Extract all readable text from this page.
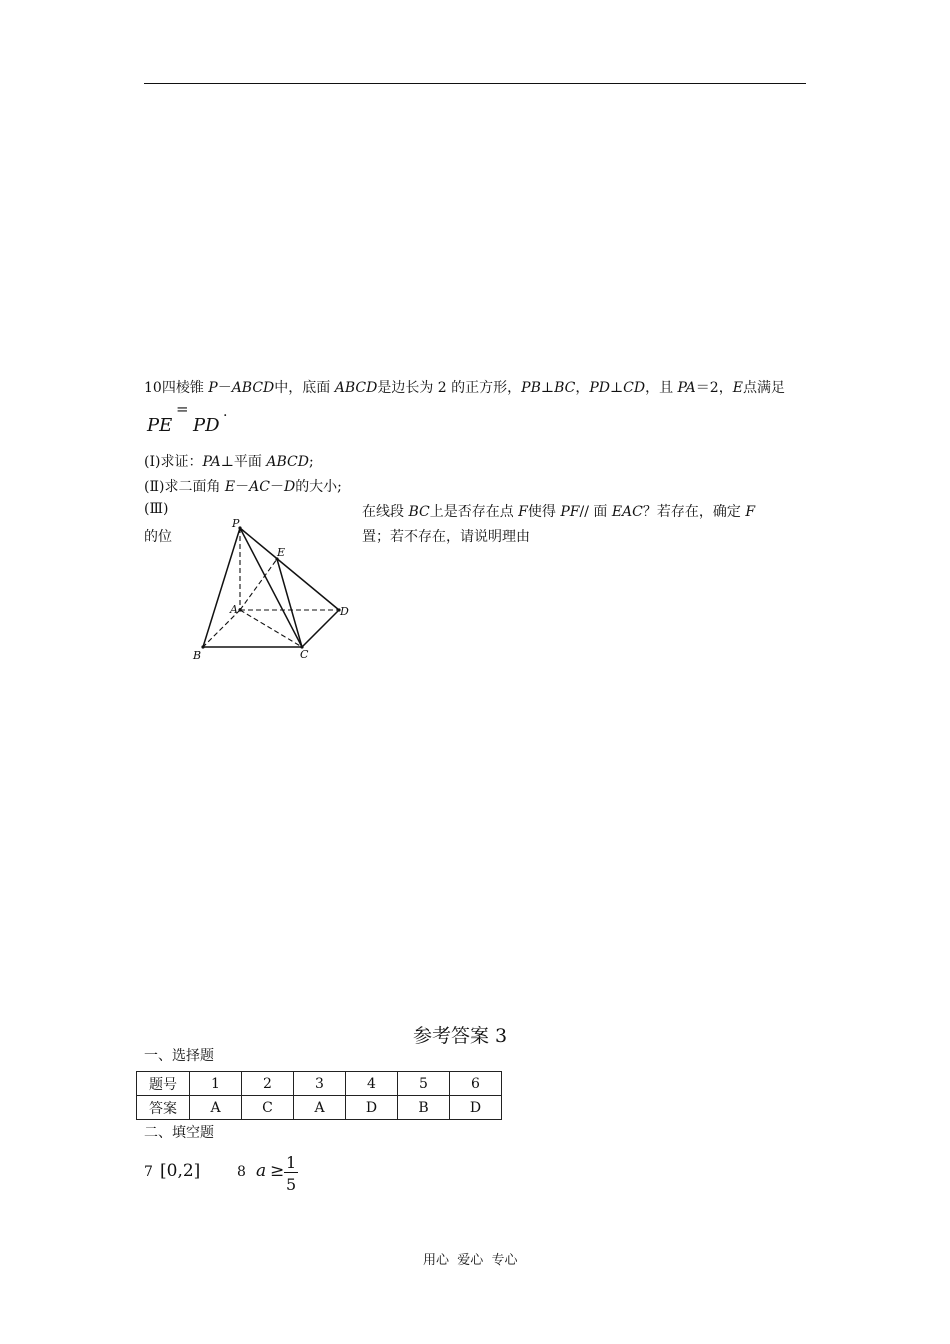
10四棱锥 P－ABCD中，底面 ABCD是边长为 2 的正方形，PB⊥BC，PD⊥CD，且 PA＝2，E点满足
PE
=
PD
.
(Ⅰ)求证：PA⊥平面 ABCD;
(Ⅱ)求二面角 E－AC－D的大小;
(Ⅲ)
的位
在线段 BC上是否存在点 F使得 PF// 面 EAC？若存在，确定 F
置；若不存在，请说明理由
P
E
A	D
B	C
参考答案 3
一、选择题
题号	1	2	3	4	5	6
答案	A	C	A	D	B	D
二、填空题
7 [0,2]	8 a ≥ 1
5
用心  爱心  专心
